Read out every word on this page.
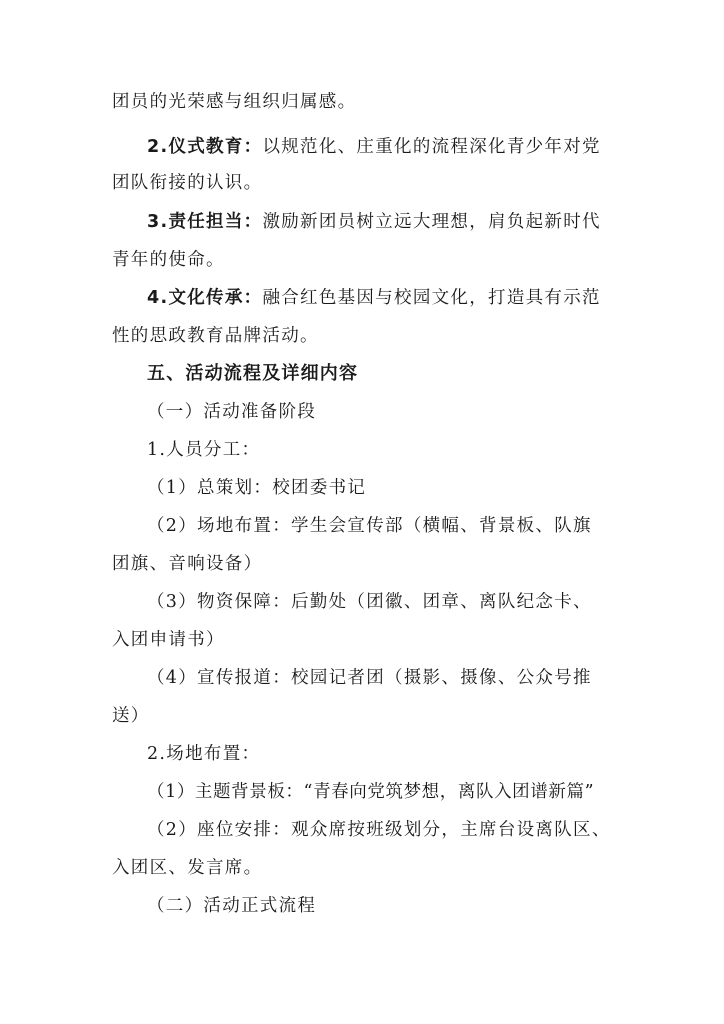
团员的光荣感与组织归属感。
2.仪式教育：以规范化、庄重化的流程深化青少年对党
团队衔接的认识。
3.责任担当：激励新团员树立远大理想，肩负起新时代
青年的使命。
4.文化传承：融合红色基因与校园文化，打造具有示范
性的思政教育品牌活动。
五、活动流程及详细内容
（一）活动准备阶段
1.人员分工：
（1）总策划：校团委书记
（2）场地布置：学生会宣传部（横幅、背景板、队旗
团旗、音响设备）
（3）物资保障：后勤处（团徽、团章、离队纪念卡、
入团申请书）
（4）宣传报道：校园记者团（摄影、摄像、公众号推
送）
2.场地布置：
（1）主题背景板：“青春向党筑梦想，离队入团谱新篇”
（2）座位安排：观众席按班级划分，主席台设离队区、
入团区、发言席。
（二）活动正式流程
